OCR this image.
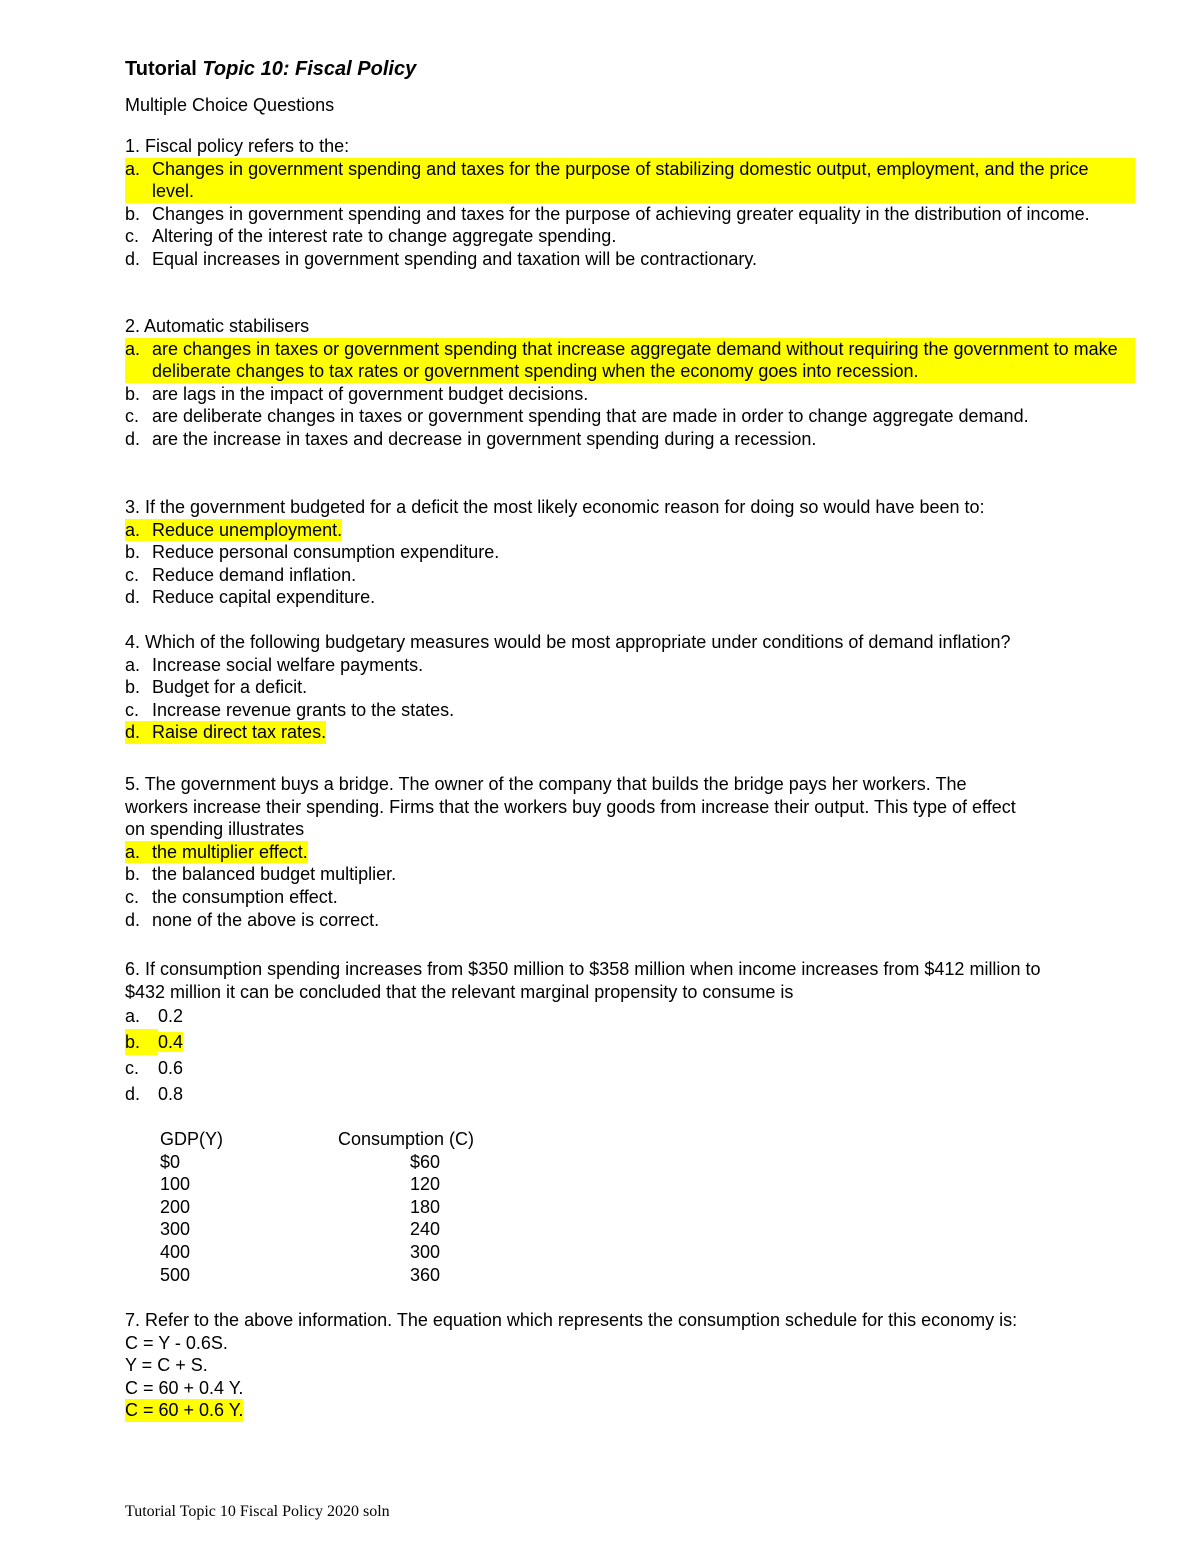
Tutorial Topic 10: Fiscal Policy
Multiple Choice Questions
1. Fiscal policy refers to the:
a. Changes in government spending and taxes for the purpose of stabilizing domestic output, employment, and the price level.
b. Changes in government spending and taxes for the purpose of achieving greater equality in the distribution of income.
c. Altering of the interest rate to change aggregate spending.
d. Equal increases in government spending and taxation will be contractionary.
2. Automatic stabilisers
a. are changes in taxes or government spending that increase aggregate demand without requiring the government to make deliberate changes to tax rates or government spending when the economy goes into recession.
b. are lags in the impact of government budget decisions.
c. are deliberate changes in taxes or government spending that are made in order to change aggregate demand.
d. are the increase in taxes and decrease in government spending during a recession.
3. If the government budgeted for a deficit the most likely economic reason for doing so would have been to:
a. Reduce unemployment.
b. Reduce personal consumption expenditure.
c. Reduce demand inflation.
d. Reduce capital expenditure.
4. Which of the following budgetary measures would be most appropriate under conditions of demand inflation?
a. Increase social welfare payments.
b. Budget for a deficit.
c. Increase revenue grants to the states.
d. Raise direct tax rates.
5. The government buys a bridge. The owner of the company that builds the bridge pays her workers. The
workers increase their spending. Firms that the workers buy goods from increase their output. This type of effect
on spending illustrates
a. the multiplier effect.
b. the balanced budget multiplier.
c. the consumption effect.
d. none of the above is correct.
6. If consumption spending increases from $350 million to $358 million when income increases from $412 million to
$432 million it can be concluded that the relevant marginal propensity to consume is
a. 0.2
b. 0.4
c. 0.6
d. 0.8
GDP(Y)	Consumption (C)
$0	$60
100	120
200	180
300	240
400	300
500	360
7. Refer to the above information. The equation which represents the consumption schedule for this economy is:
C = Y - 0.6S.
Y = C + S.
C = 60 + 0.4 Y.
C = 60 + 0.6 Y.
Tutorial Topic 10 Fiscal Policy 2020 soln
